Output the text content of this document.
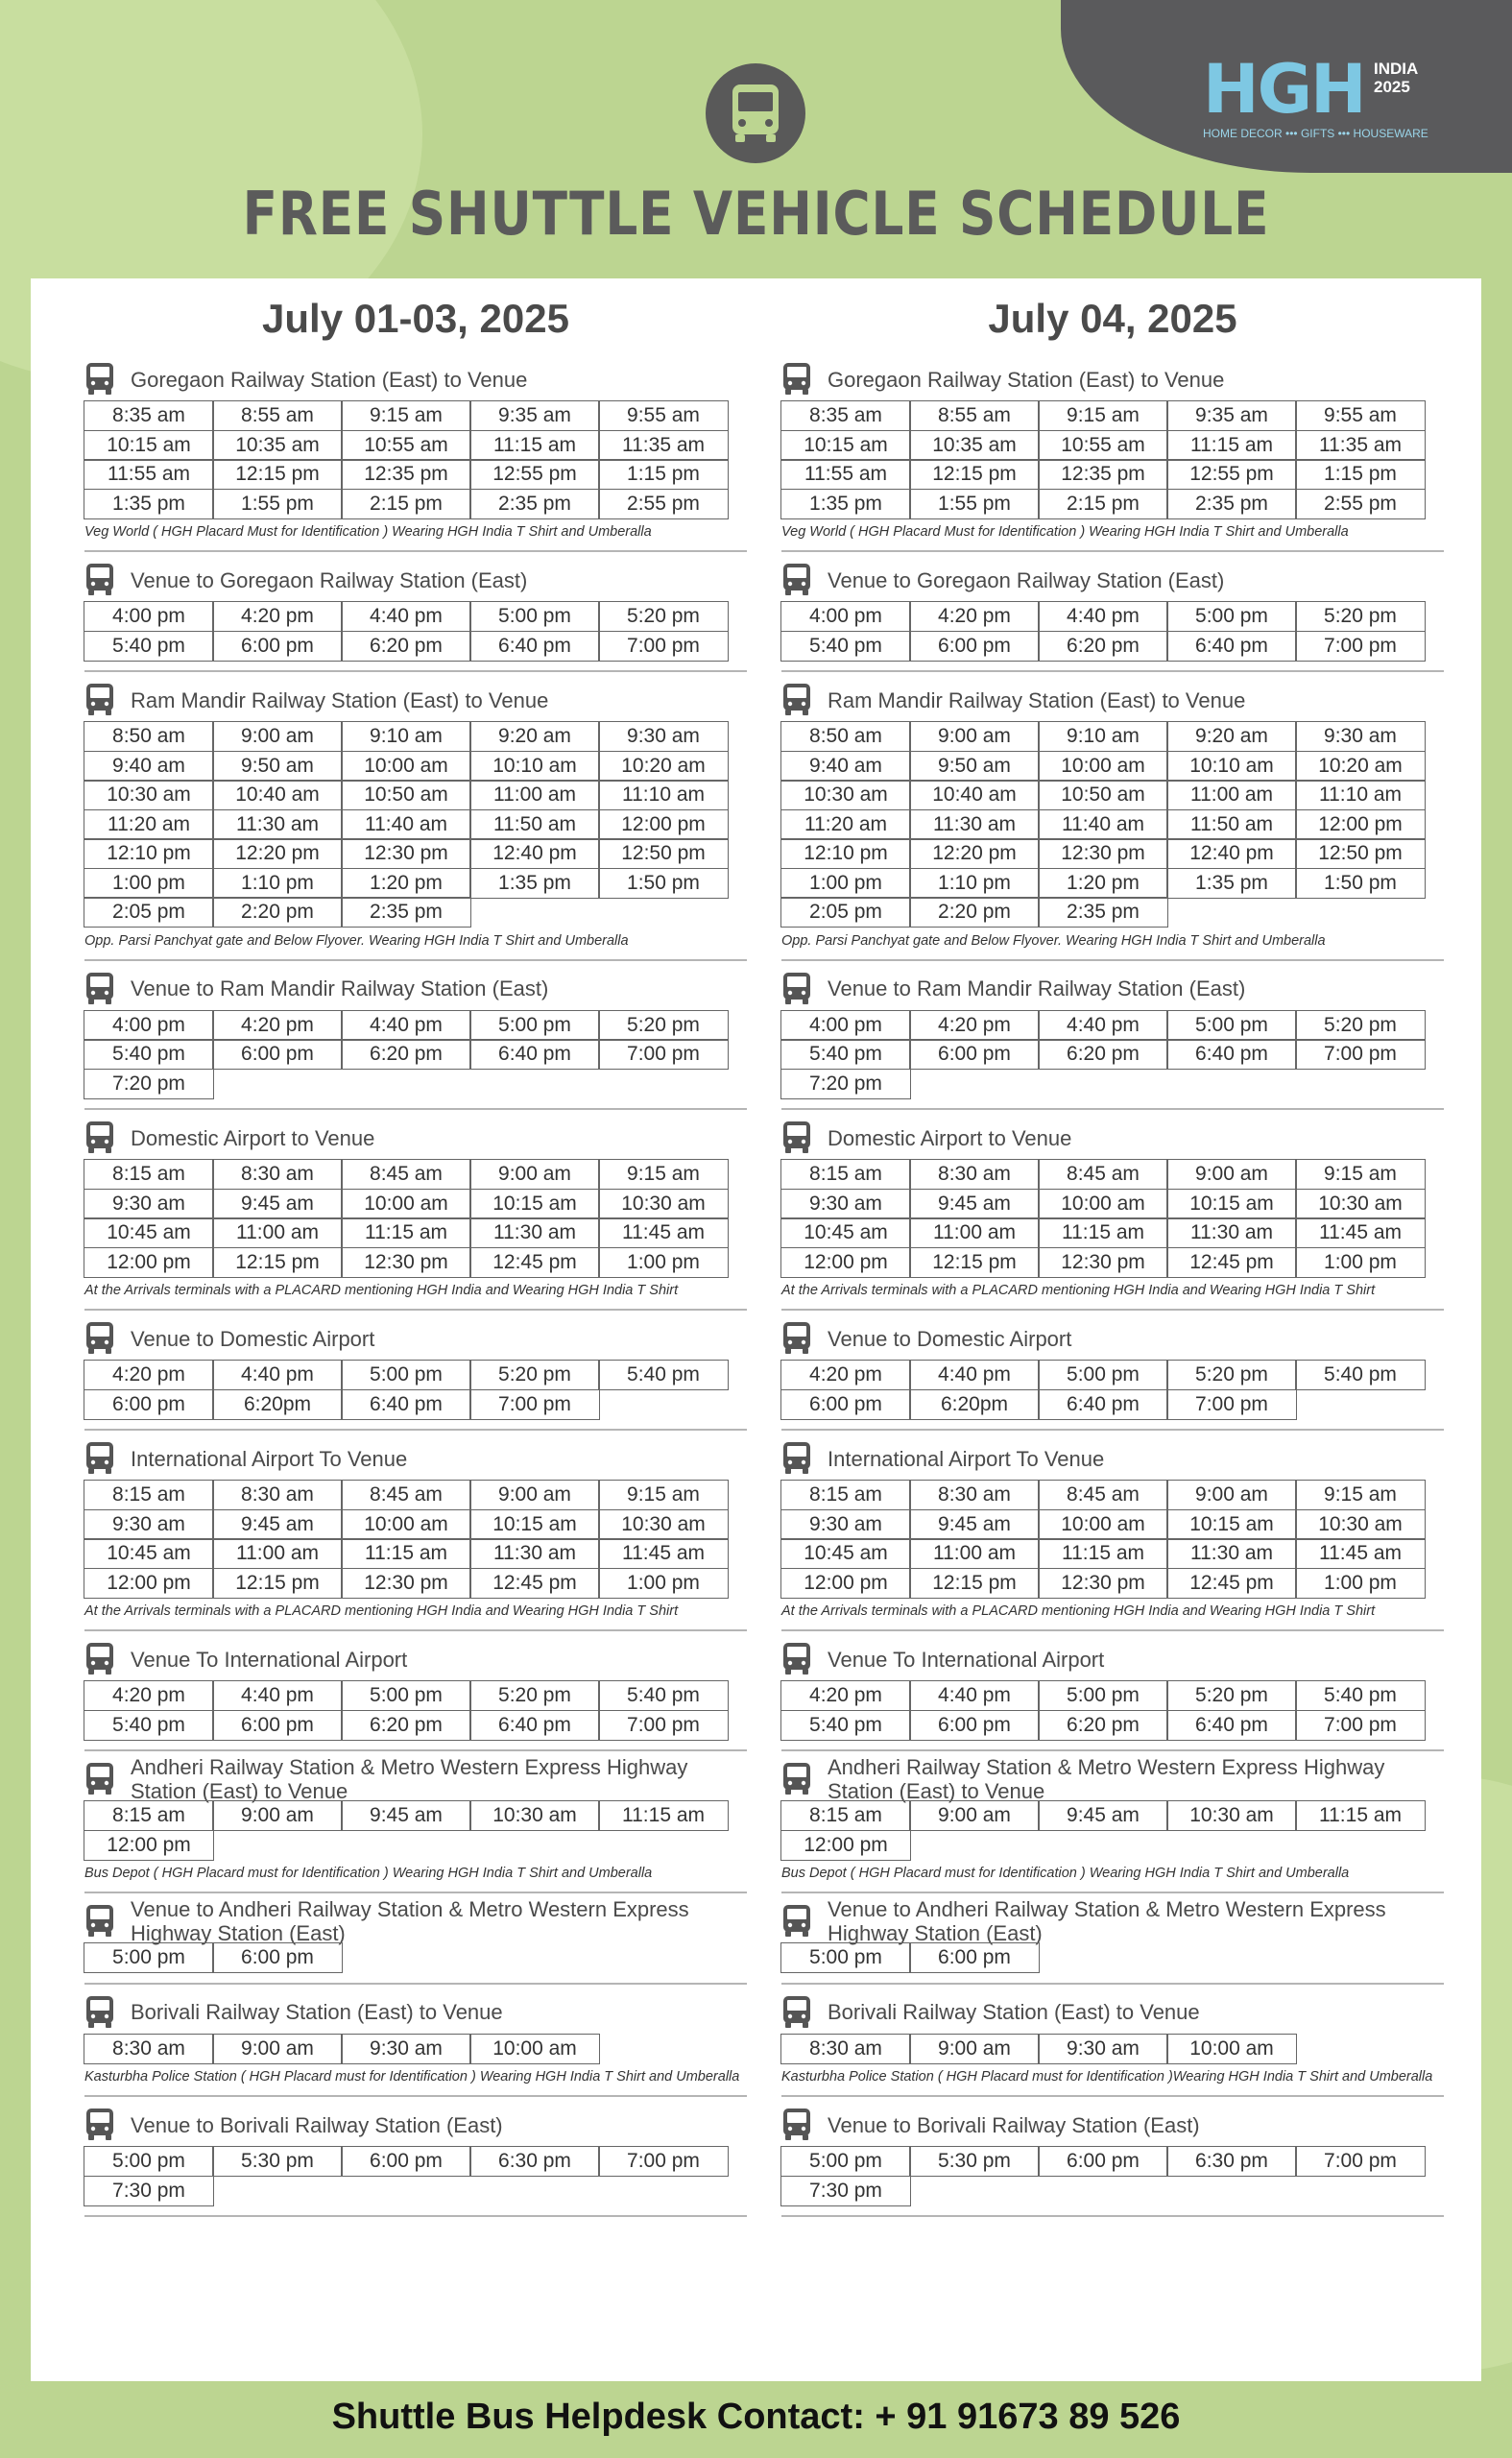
HGH INDIA 2025
HOME DECOR ••• GIFTS ••• HOUSEWARE
FREE SHUTTLE VEHICLE SCHEDULE
July 01-03, 2025
Goregaon Railway Station (East) to Venue
8:35 am	8:55 am	9:15 am	9:35 am	9:55 am
10:15 am	10:35 am	10:55 am	11:15 am	11:35 am
11:55 am	12:15 pm	12:35 pm	12:55 pm	1:15 pm
1:35 pm	1:55 pm	2:15 pm	2:35 pm	2:55 pm
Veg World ( HGH Placard Must for Identification ) Wearing HGH India T Shirt and Umberalla
Venue to Goregaon Railway Station (East)
4:00 pm	4:20 pm	4:40 pm	5:00 pm	5:20 pm
5:40 pm	6:00 pm	6:20 pm	6:40 pm	7:00 pm
Ram Mandir Railway Station (East) to Venue
8:50 am	9:00 am	9:10 am	9:20 am	9:30 am
9:40 am	9:50 am	10:00 am	10:10 am	10:20 am
10:30 am	10:40 am	10:50 am	11:00 am	11:10 am
11:20 am	11:30 am	11:40 am	11:50 am	12:00 pm
12:10 pm	12:20 pm	12:30 pm	12:40 pm	12:50 pm
1:00 pm	1:10 pm	1:20 pm	1:35 pm	1:50 pm
2:05 pm	2:20 pm	2:35 pm
Opp. Parsi Panchyat gate and Below Flyover. Wearing HGH India T Shirt and Umberalla
Venue to Ram Mandir Railway Station (East)
4:00 pm	4:20 pm	4:40 pm	5:00 pm	5:20 pm
5:40 pm	6:00 pm	6:20 pm	6:40 pm	7:00 pm
7:20 pm
Domestic Airport to Venue
8:15 am	8:30 am	8:45 am	9:00 am	9:15 am
9:30 am	9:45 am	10:00 am	10:15 am	10:30 am
10:45 am	11:00 am	11:15 am	11:30 am	11:45 am
12:00 pm	12:15 pm	12:30 pm	12:45 pm	1:00 pm
At the Arrivals terminals with a PLACARD mentioning HGH India and Wearing HGH India T Shirt
Venue to Domestic Airport
4:20 pm	4:40 pm	5:00 pm	5:20 pm	5:40 pm
6:00 pm	6:20pm	6:40 pm	7:00 pm
International Airport To Venue
8:15 am	8:30 am	8:45 am	9:00 am	9:15 am
9:30 am	9:45 am	10:00 am	10:15 am	10:30 am
10:45 am	11:00 am	11:15 am	11:30 am	11:45 am
12:00 pm	12:15 pm	12:30 pm	12:45 pm	1:00 pm
At the Arrivals terminals with a PLACARD mentioning HGH India and Wearing HGH India T Shirt
Venue To International Airport
4:20 pm	4:40 pm	5:00 pm	5:20 pm	5:40 pm
5:40 pm	6:00 pm	6:20 pm	6:40 pm	7:00 pm
Andheri Railway Station & Metro Western Express Highway Station (East) to Venue
8:15 am	9:00 am	9:45 am	10:30 am	11:15 am
12:00 pm
Bus Depot ( HGH Placard must for Identification ) Wearing HGH India T Shirt and Umberalla
Venue to Andheri Railway Station & Metro Western Express Highway Station (East)
5:00 pm	6:00 pm
Borivali Railway Station (East) to Venue
8:30 am	9:00 am	9:30 am	10:00 am
Kasturbha Police Station ( HGH Placard must for Identification ) Wearing HGH India T Shirt and Umberalla
Venue to Borivali Railway Station (East)
5:00 pm	5:30 pm	6:00 pm	6:30 pm	7:00 pm
7:30 pm
July 04, 2025
Goregaon Railway Station (East) to Venue
8:35 am	8:55 am	9:15 am	9:35 am	9:55 am
10:15 am	10:35 am	10:55 am	11:15 am	11:35 am
11:55 am	12:15 pm	12:35 pm	12:55 pm	1:15 pm
1:35 pm	1:55 pm	2:15 pm	2:35 pm	2:55 pm
Veg World ( HGH Placard Must for Identification ) Wearing HGH India T Shirt and Umberalla
Venue to Goregaon Railway Station (East)
4:00 pm	4:20 pm	4:40 pm	5:00 pm	5:20 pm
5:40 pm	6:00 pm	6:20 pm	6:40 pm	7:00 pm
Ram Mandir Railway Station (East) to Venue
8:50 am	9:00 am	9:10 am	9:20 am	9:30 am
9:40 am	9:50 am	10:00 am	10:10 am	10:20 am
10:30 am	10:40 am	10:50 am	11:00 am	11:10 am
11:20 am	11:30 am	11:40 am	11:50 am	12:00 pm
12:10 pm	12:20 pm	12:30 pm	12:40 pm	12:50 pm
1:00 pm	1:10 pm	1:20 pm	1:35 pm	1:50 pm
2:05 pm	2:20 pm	2:35 pm
Opp. Parsi Panchyat gate and Below Flyover. Wearing HGH India T Shirt and Umberalla
Venue to Ram Mandir Railway Station (East)
4:00 pm	4:20 pm	4:40 pm	5:00 pm	5:20 pm
5:40 pm	6:00 pm	6:20 pm	6:40 pm	7:00 pm
7:20 pm
Domestic Airport to Venue
8:15 am	8:30 am	8:45 am	9:00 am	9:15 am
9:30 am	9:45 am	10:00 am	10:15 am	10:30 am
10:45 am	11:00 am	11:15 am	11:30 am	11:45 am
12:00 pm	12:15 pm	12:30 pm	12:45 pm	1:00 pm
At the Arrivals terminals with a PLACARD mentioning HGH India and Wearing HGH India T Shirt
Venue to Domestic Airport
4:20 pm	4:40 pm	5:00 pm	5:20 pm	5:40 pm
6:00 pm	6:20pm	6:40 pm	7:00 pm
International Airport To Venue
8:15 am	8:30 am	8:45 am	9:00 am	9:15 am
9:30 am	9:45 am	10:00 am	10:15 am	10:30 am
10:45 am	11:00 am	11:15 am	11:30 am	11:45 am
12:00 pm	12:15 pm	12:30 pm	12:45 pm	1:00 pm
At the Arrivals terminals with a PLACARD mentioning HGH India and Wearing HGH India T Shirt
Venue To International Airport
4:20 pm	4:40 pm	5:00 pm	5:20 pm	5:40 pm
5:40 pm	6:00 pm	6:20 pm	6:40 pm	7:00 pm
Andheri Railway Station & Metro Western Express Highway Station (East) to Venue
8:15 am	9:00 am	9:45 am	10:30 am	11:15 am
12:00 pm
Bus Depot ( HGH Placard must for Identification ) Wearing HGH India T Shirt and Umberalla
Venue to Andheri Railway Station & Metro Western Express Highway Station (East)
5:00 pm	6:00 pm
Borivali Railway Station (East) to Venue
8:30 am	9:00 am	9:30 am	10:00 am
Kasturbha Police Station ( HGH Placard must for Identification )Wearing HGH India T Shirt and Umberalla
Venue to Borivali Railway Station (East)
5:00 pm	5:30 pm	6:00 pm	6:30 pm	7:00 pm
7:30 pm
Shuttle Bus Helpdesk Contact: + 91 91673 89 526
